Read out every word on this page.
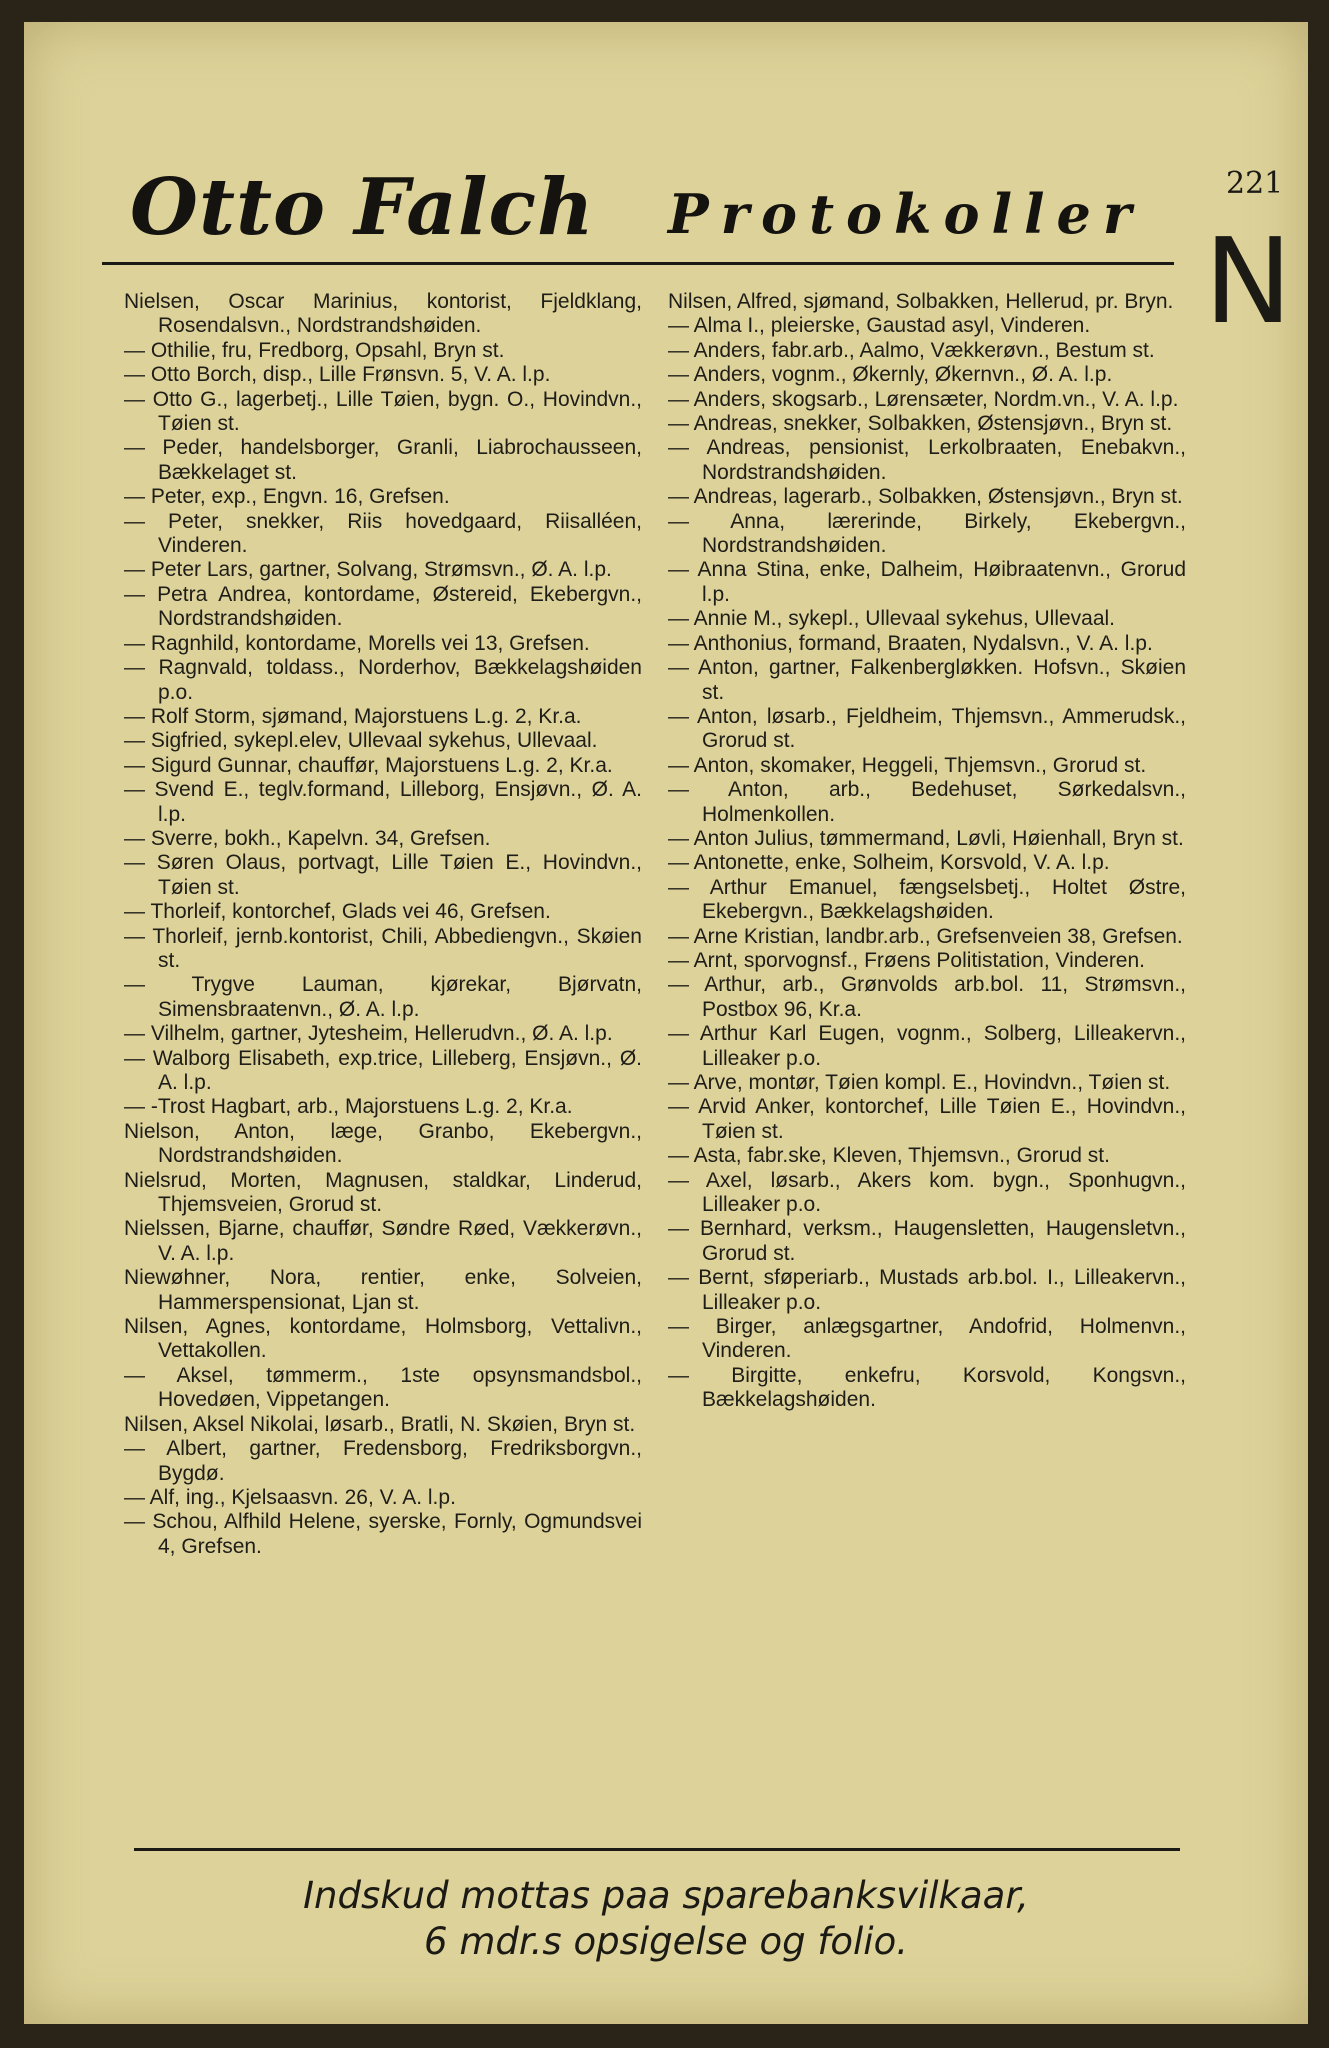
Otto Falch Protokoller	221
N

Nielsen, Oscar Marinius, kontorist, Fjeldklang, Rosendalsvn., Nordstrandshøiden.

— Othilie, fru, Fredborg, Opsahl, Bryn st.

— Otto Borch, disp., Lille Frønsvn. 5, V. A. l.p.

— Otto G., lagerbetj., Lille Tøien, bygn. O., Hovindvn., Tøien st.

— Peder, handelsborger, Granli, Liabrochausseen, Bækkelaget st.

— Peter, exp., Engvn. 16, Grefsen.

— Peter, snekker, Riis hovedgaard, Riisalléen, Vinderen.

— Peter Lars, gartner, Solvang, Strømsvn., Ø. A. l.p.

— Petra Andrea, kontordame, Østereid, Ekebergvn., Nordstrandshøiden.

— Ragnhild, kontordame, Morells vei 13, Grefsen.

— Ragnvald, toldass., Norderhov, Bækkelagshøiden p.o.

— Rolf Storm, sjømand, Majorstuens L.g. 2, Kr.a.

— Sigfried, sykepl.elev, Ullevaal sykehus, Ullevaal.

— Sigurd Gunnar, chauffør, Majorstuens L.g. 2, Kr.a.

— Svend E., teglv.formand, Lilleborg, Ensjøvn., Ø. A. l.p.

— Sverre, bokh., Kapelvn. 34, Grefsen.

— Søren Olaus, portvagt, Lille Tøien E., Hovindvn., Tøien st.

— Thorleif, kontorchef, Glads vei 46, Grefsen.

— Thorleif, jernb.kontorist, Chili, Abbediengvn., Skøien st.

— Trygve Lauman, kjørekar, Bjørvatn, Simensbraatenvn., Ø. A. l.p.

— Vilhelm, gartner, Jytesheim, Hellerudvn., Ø. A. l.p.

— Walborg Elisabeth, exp.trice, Lilleberg, Ensjøvn., Ø. A. l.p.

— -Trost Hagbart, arb., Majorstuens L.g. 2, Kr.a.

Nielson, Anton, læge, Granbo, Ekebergvn., Nordstrandshøiden.

Nielsrud, Morten, Magnusen, staldkar, Linderud, Thjemsveien, Grorud st.

Nielssen, Bjarne, chauffør, Søndre Røed, Vækkerøvn., V. A. l.p.

Niewøhner, Nora, rentier, enke, Solveien, Hammerspensionat, Ljan st.

Nilsen, Agnes, kontordame, Holmsborg, Vettalivn., Vettakollen.

— Aksel, tømmerm., 1ste opsynsmandsbol., Hovedøen, Vippetangen.

Nilsen, Aksel Nikolai, løsarb., Bratli, N. Skøien, Bryn st.

— Albert, gartner, Fredensborg, Fredriksborgvn., Bygdø.

— Alf, ing., Kjelsaasvn. 26, V. A. l.p.

— Schou, Alfhild Helene, syerske, Fornly, Ogmundsvei 4, Grefsen.

Nilsen, Alfred, sjømand, Solbakken, Hellerud, pr. Bryn.

— Alma I., pleierske, Gaustad asyl, Vinderen.

— Anders, fabr.arb., Aalmo, Vækkerøvn., Bestum st.

— Anders, vognm., Økernly, Økernvn., Ø. A. l.p.

— Anders, skogsarb., Lørensæter, Nordm.vn., V. A. l.p.

— Andreas, snekker, Solbakken, Østensjøvn., Bryn st.

— Andreas, pensionist, Lerkolbraaten, Enebakvn., Nordstrandshøiden.

— Andreas, lagerarb., Solbakken, Østensjøvn., Bryn st.

— Anna, lærerinde, Birkely, Ekebergvn., Nordstrandshøiden.

— Anna Stina, enke, Dalheim, Høibraatenvn., Grorud l.p.

— Annie M., sykepl., Ullevaal sykehus, Ullevaal.

— Anthonius, formand, Braaten, Nydalsvn., V. A. l.p.

— Anton, gartner, Falkenbergløkken. Hofsvn., Skøien st.

— Anton, løsarb., Fjeldheim, Thjemsvn., Ammerudsk., Grorud st.

— Anton, skomaker, Heggeli, Thjemsvn., Grorud st.

— Anton, arb., Bedehuset, Sørkedalsvn., Holmenkollen.

— Anton Julius, tømmermand, Løvli, Høienhall, Bryn st.

— Antonette, enke, Solheim, Korsvold, V. A. l.p.

— Arthur Emanuel, fængselsbetj., Holtet Østre, Ekebergvn., Bækkelagshøiden.

— Arne Kristian, landbr.arb., Grefsenveien 38, Grefsen.

— Arnt, sporvognsf., Frøens Politistation, Vinderen.

— Arthur, arb., Grønvolds arb.bol. 11, Strømsvn., Postbox 96, Kr.a.

— Arthur Karl Eugen, vognm., Solberg, Lilleakervn., Lilleaker p.o.

— Arve, montør, Tøien kompl. E., Hovindvn., Tøien st.

— Arvid Anker, kontorchef, Lille Tøien E., Hovindvn., Tøien st.

— Asta, fabr.ske, Kleven, Thjemsvn., Grorud st.

— Axel, løsarb., Akers kom. bygn., Sponhugvn., Lilleaker p.o.

— Bernhard, verksm., Haugensletten, Haugensletvn., Grorud st.

— Bernt, sføperiarb., Mustads arb.bol. I., Lilleakervn., Lilleaker p.o.

— Birger, anlægsgartner, Andofrid, Holmenvn., Vinderen.

— Birgitte, enkefru, Korsvold, Kongsvn., Bækkelagshøiden.

Indskud mottas paa sparebanksvilkaar,
6 mdr.s opsigelse og folio.
